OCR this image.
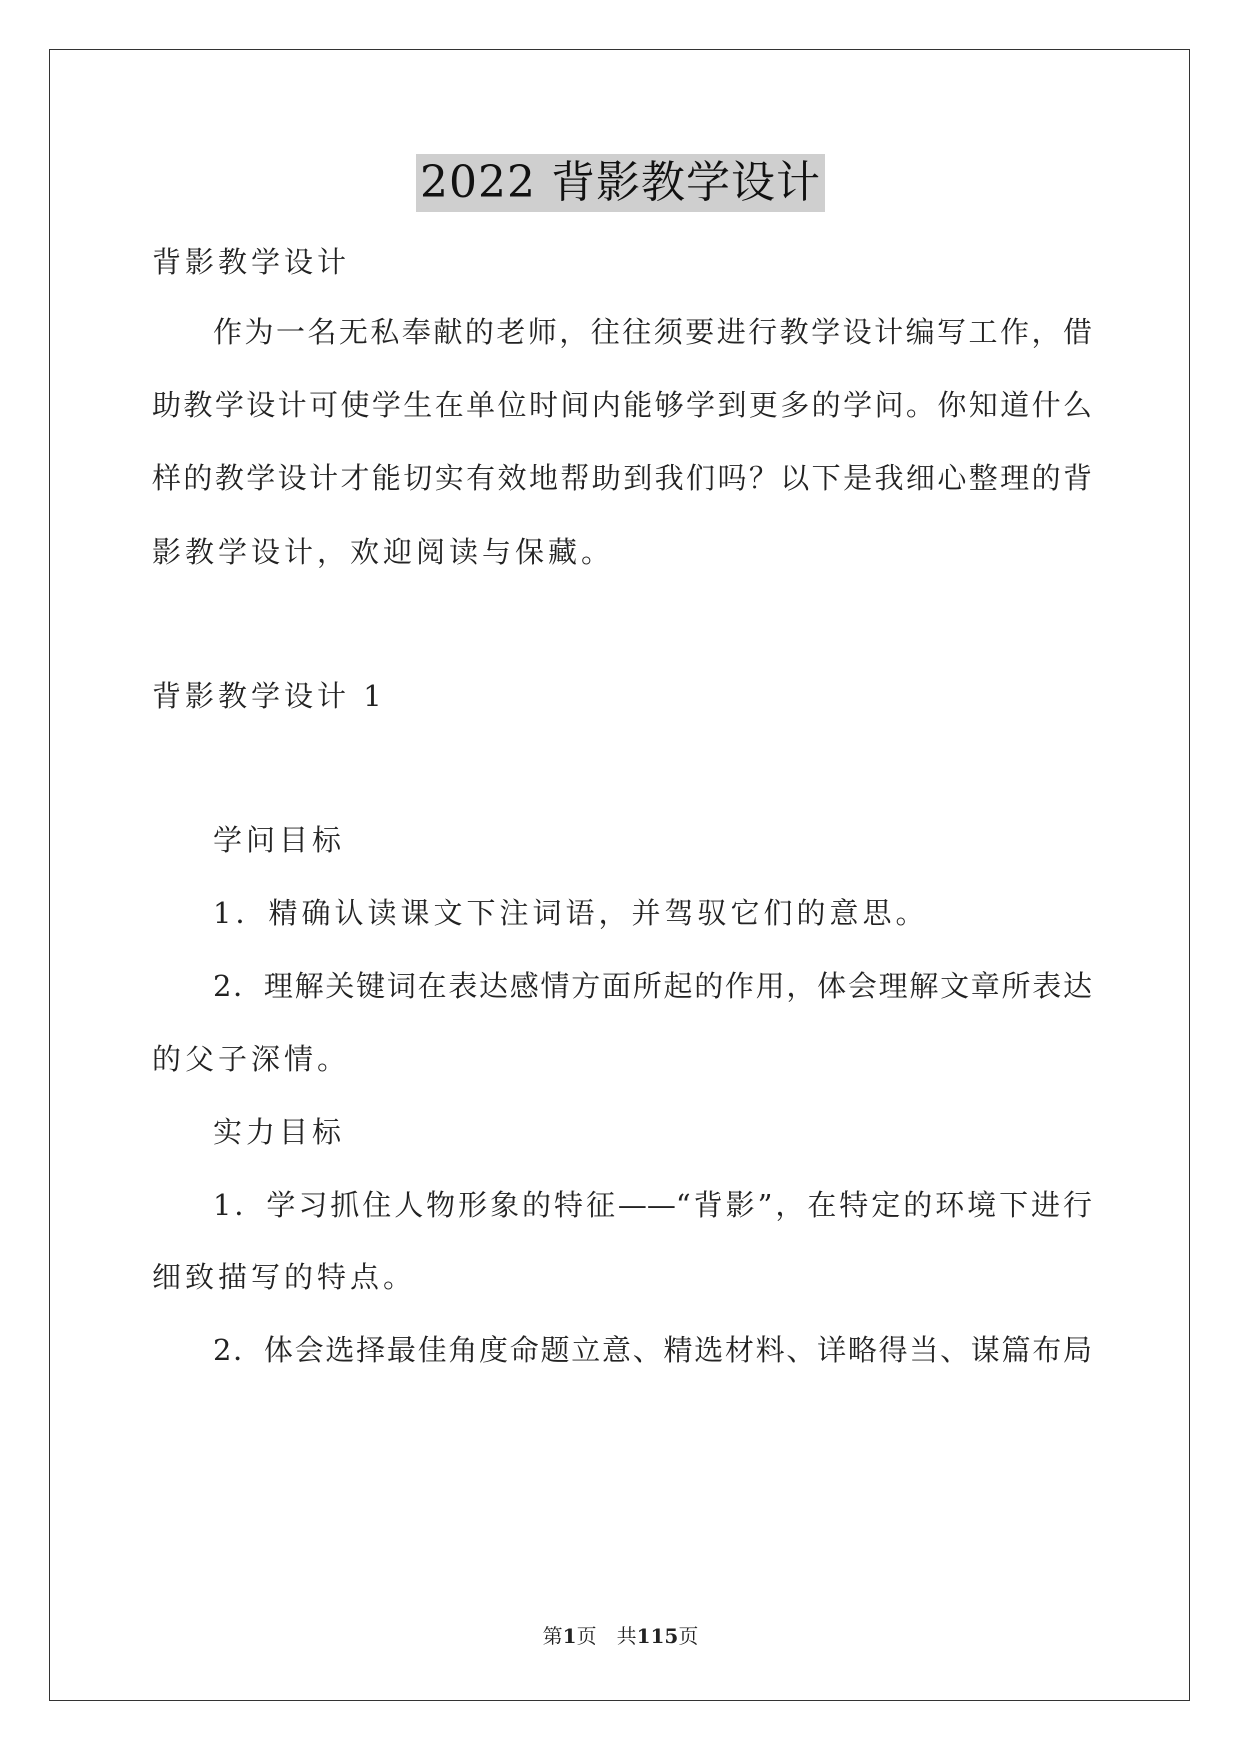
2022 背影教学设计
背影教学设计
作为一名无私奉献的老师，往往须要进行教学设计编写工作，借
助教学设计可使学生在单位时间内能够学到更多的学问。你知道什么
样的教学设计才能切实有效地帮助到我们吗？以下是我细心整理的背
影教学设计，欢迎阅读与保藏。
背影教学设计 1
学问目标
1．精确认读课文下注词语，并驾驭它们的意思。
2．理解关键词在表达感情方面所起的作用，体会理解文章所表达
的父子深情。
实力目标
1．学习抓住人物形象的特征——“背影”，在特定的环境下进行
细致描写的特点。
2．体会选择最佳角度命题立意、精选材料、详略得当、谋篇布局
第1页　共115页
